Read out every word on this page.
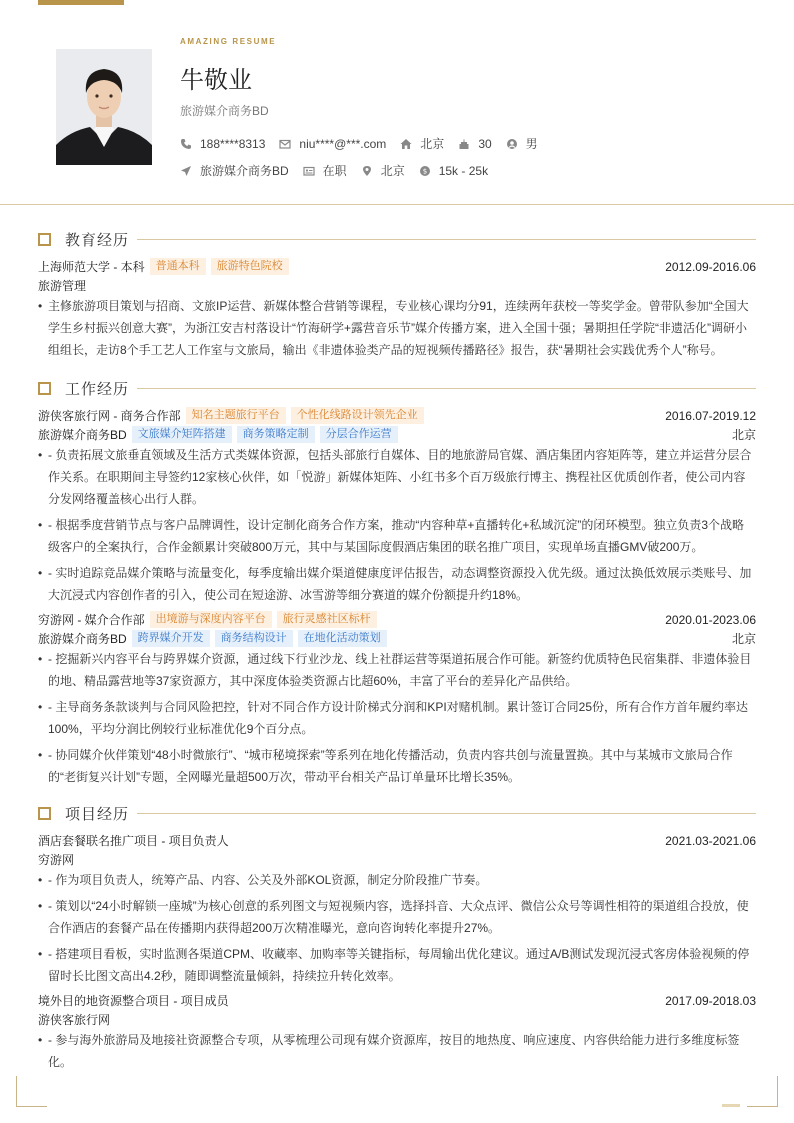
AMAZING RESUME
牛敬业
旅游媒介商务BD
188****8313	niu****@***.com	北京	30	男
旅游媒介商务BD	在职	北京	$ 15k - 25k
教育经历
上海师范大学 - 本科	普通本科	旅游特色院校	2012.09-2016.06
旅游管理
• 主修旅游项目策划与招商、文旅IP运营、新媒体整合营销等课程，专业核心课均分91，连续两年获校一等奖学金。曾带队参加“全国大学生乡村振兴创意大赛”，为浙江安吉村落设计“竹海研学+露营音乐节”媒介传播方案，进入全国十强；暑期担任学院“非遗活化”调研小组组长，走访8个手工艺人工作室与文旅局，输出《非遗体验类产品的短视频传播路径》报告，获“暑期社会实践优秀个人”称号。
工作经历
游侠客旅行网 - 商务合作部	知名主题旅行平台	个性化线路设计领先企业	2016.07-2019.12
旅游媒介商务BD	文旅媒介矩阵搭建	商务策略定制	分层合作运营	北京
• - 负责拓展文旅垂直领域及生活方式类媒体资源，包括头部旅行自媒体、目的地旅游局官媒、酒店集团内容矩阵等，建立并运营分层合作关系。在职期间主导签约12家核心伙伴，如「悦游」新媒体矩阵、小红书多个百万级旅行博主、携程社区优质创作者，使公司内容分发网络覆盖核心出行人群。
• - 根据季度营销节点与客户品牌调性，设计定制化商务合作方案，推动“内容种草+直播转化+私域沉淀”的闭环模型。独立负责3个战略级客户的全案执行，合作金额累计突破800万元，其中与某国际度假酒店集团的联名推广项目，实现单场直播GMV破200万。
• - 实时追踪竞品媒介策略与流量变化，每季度输出媒介渠道健康度评估报告，动态调整资源投入优先级。通过汰换低效展示类账号、加大沉浸式内容创作者的引入，使公司在短途游、冰雪游等细分赛道的媒介份额提升约18%。
穷游网 - 媒介合作部	出境游与深度内容平台	旅行灵感社区标杆	2020.01-2023.06
旅游媒介商务BD	跨界媒介开发	商务结构设计	在地化活动策划	北京
• - 挖掘新兴内容平台与跨界媒介资源，通过线下行业沙龙、线上社群运营等渠道拓展合作可能。新签约优质特色民宿集群、非遗体验目的地、精品露营地等37家资源方，其中深度体验类资源占比超60%，丰富了平台的差异化产品供给。
• - 主导商务条款谈判与合同风险把控，针对不同合作方设计阶梯式分润和KPI对赌机制。累计签订合同25份，所有合作方首年履约率达100%，平均分润比例较行业标准优化9个百分点。
• - 协同媒介伙伴策划“48小时微旅行”、“城市秘境探索”等系列在地化传播活动，负责内容共创与流量置换。其中与某城市文旅局合作的“老街复兴计划”专题，全网曝光量超500万次，带动平台相关产品订单量环比增长35%。
项目经历
酒店套餐联名推广项目 - 项目负责人	2021.03-2021.06
穷游网
• - 作为项目负责人，统筹产品、内容、公关及外部KOL资源，制定分阶段推广节奏。
• - 策划以“24小时解锁一座城”为核心创意的系列图文与短视频内容，选择抖音、大众点评、微信公众号等调性相符的渠道组合投放，使合作酒店的套餐产品在传播期内获得超200万次精准曝光，意向咨询转化率提升27%。
• - 搭建项目看板，实时监测各渠道CPM、收藏率、加购率等关键指标，每周输出优化建议。通过A/B测试发现沉浸式客房体验视频的停留时长比图文高出4.2秒，随即调整流量倾斜，持续拉升转化效率。
境外目的地资源整合项目 - 项目成员	2017.09-2018.03
游侠客旅行网
• - 参与海外旅游局及地接社资源整合专项，从零梳理公司现有媒介资源库，按目的地热度、响应速度、内容供给能力进行多维度标签化。
